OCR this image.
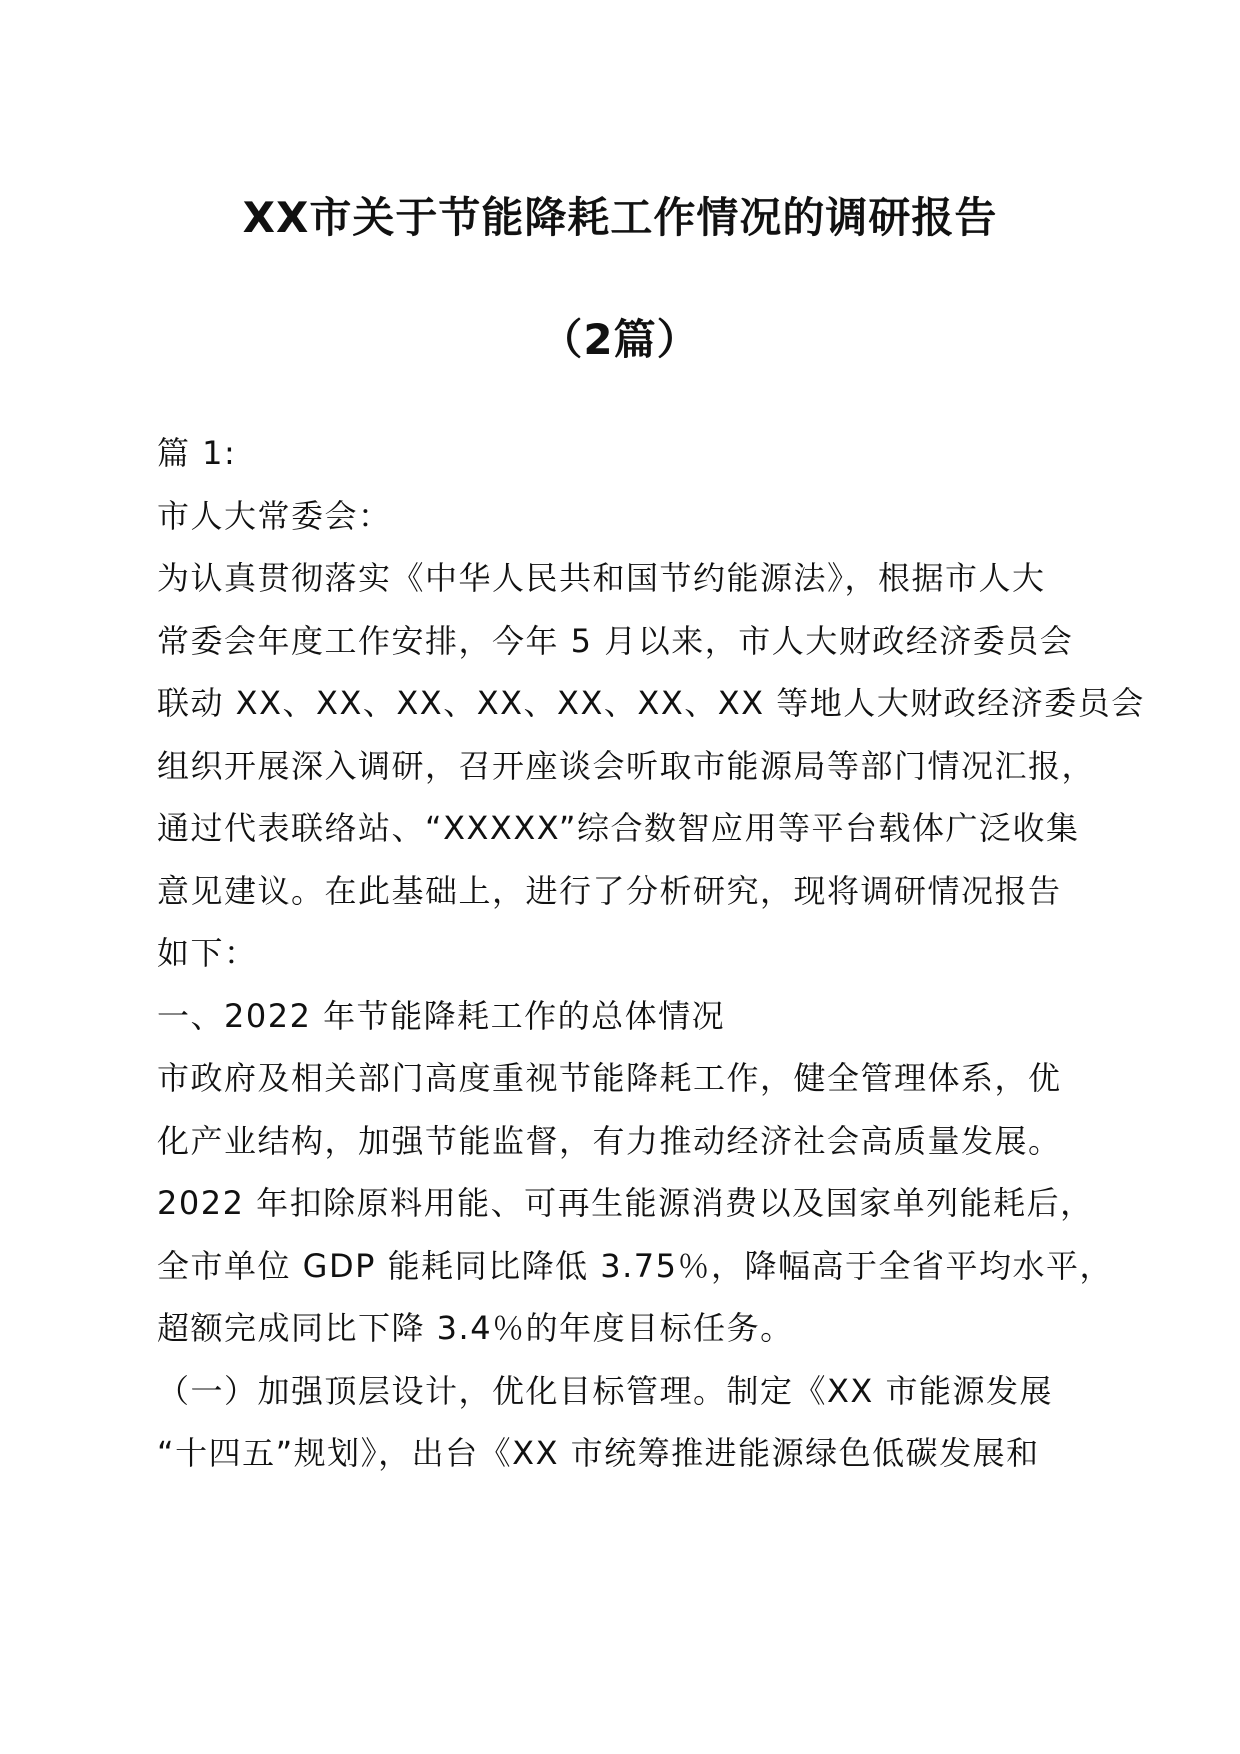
XX市关于节能降耗工作情况的调研报告
（2篇）

篇 1:

市人大常委会：

为认真贯彻落实《中华人民共和国节约能源法》，根据市人大

常委会年度工作安排，今年 5 月以来，市人大财政经济委员会

联动 XX、XX、XX、XX、XX、XX、XX 等地人大财政经济委员会

组织开展深入调研，召开座谈会听取市能源局等部门情况汇报，

通过代表联络站、“XXXXX”综合数智应用等平台载体广泛收集

意见建议。在此基础上，进行了分析研究，现将调研情况报告

如下：

一、2022 年节能降耗工作的总体情况

市政府及相关部门高度重视节能降耗工作，健全管理体系，优

化产业结构，加强节能监督，有力推动经济社会高质量发展。

2022 年扣除原料用能、可再生能源消费以及国家单列能耗后，

全市单位 GDP 能耗同比降低 3.75％，降幅高于全省平均水平，

超额完成同比下降 3.4％的年度目标任务。

（一）加强顶层设计，优化目标管理。制定《XX 市能源发展

“十四五”规划》，出台《XX 市统筹推进能源绿色低碳发展和
